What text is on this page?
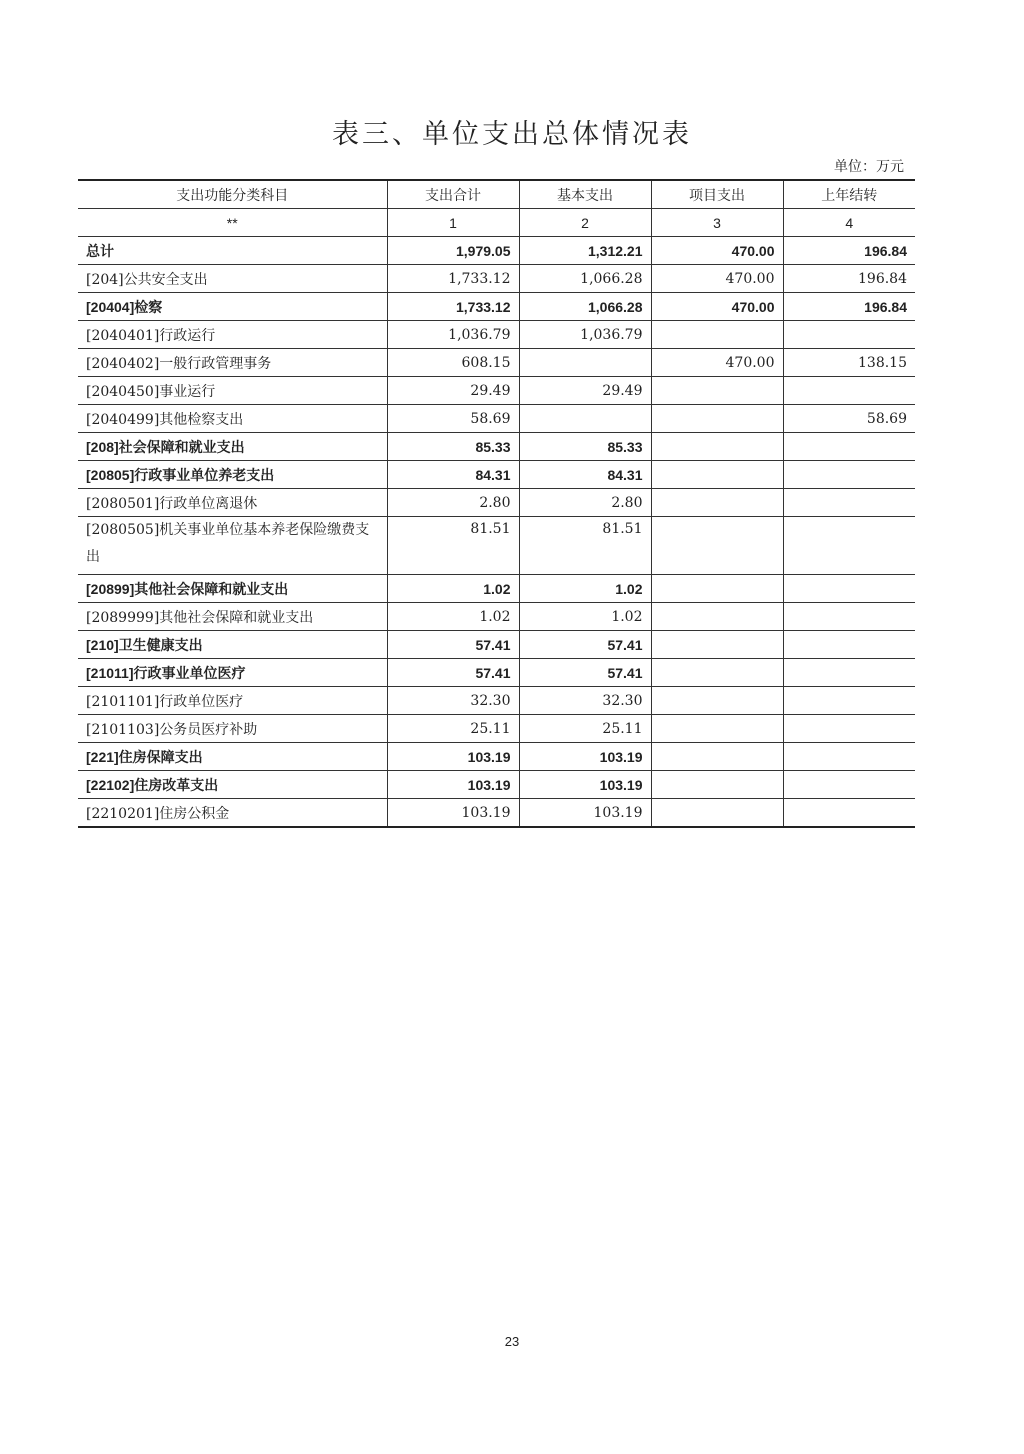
表三、单位支出总体情况表
单位：万元
支出功能分类科目	支出合计	基本支出	项目支出	上年结转
**	1	2	3	4
总计	1,979.05	1,312.21	470.00	196.84
[204]公共安全支出	1,733.12	1,066.28	470.00	196.84
[20404]检察	1,733.12	1,066.28	470.00	196.84
[2040401]行政运行	1,036.79	1,036.79		
[2040402]一般行政管理事务	608.15		470.00	138.15
[2040450]事业运行	29.49	29.49		
[2040499]其他检察支出	58.69			58.69
[208]社会保障和就业支出	85.33	85.33		
[20805]行政事业单位养老支出	84.31	84.31		
[2080501]行政单位离退休	2.80	2.80		
[2080505]机关事业单位基本养老保险缴费支出	81.51	81.51		
[20899]其他社会保障和就业支出	1.02	1.02		
[2089999]其他社会保障和就业支出	1.02	1.02		
[210]卫生健康支出	57.41	57.41		
[21011]行政事业单位医疗	57.41	57.41		
[2101101]行政单位医疗	32.30	32.30		
[2101103]公务员医疗补助	25.11	25.11		
[221]住房保障支出	103.19	103.19		
[22102]住房改革支出	103.19	103.19		
[2210201]住房公积金	103.19	103.19		
23
